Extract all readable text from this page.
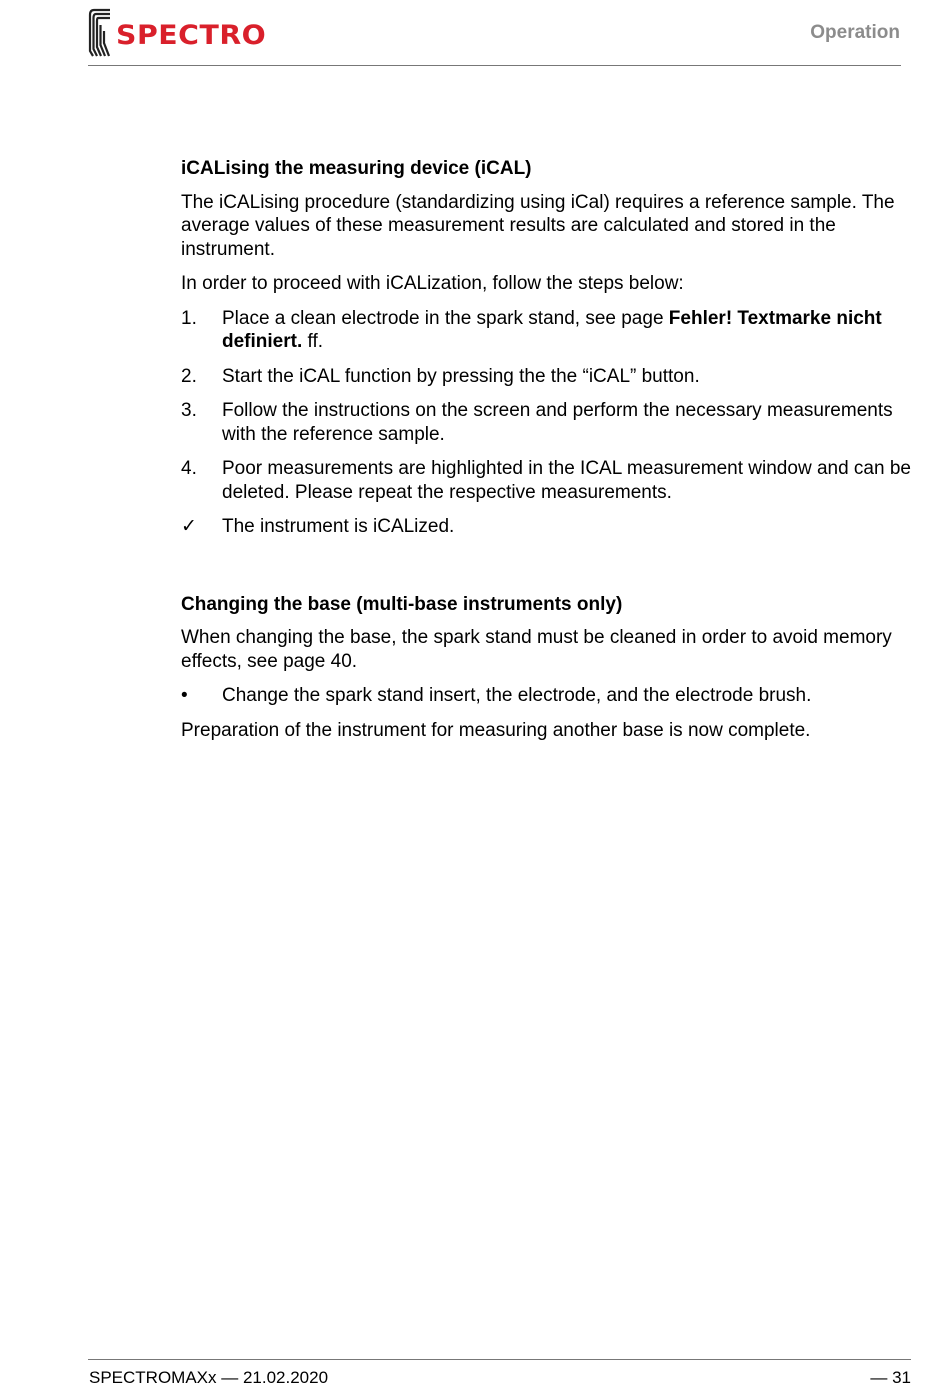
SPECTRO	Operation
iCALising the measuring device (iCAL)

The iCALising procedure (standardizing using iCal) requires a reference sample. The average values of these measurement results are calculated and stored in the instrument.

In order to proceed with iCALization, follow the steps below:

1.	Place a clean electrode in the spark stand, see page Fehler! Textmarke nicht definiert. ff.
2.	Start the iCAL function by pressing the the “iCAL” button.
3.	Follow the instructions on the screen and perform the necessary measurements with the reference sample.
4.	Poor measurements are highlighted in the ICAL measurement window and can be deleted. Please repeat the respective measurements.
✓	The instrument is iCALized.
Changing the base (multi-base instruments only)

When changing the base, the spark stand must be cleaned in order to avoid memory effects, see page 40.

•	Change the spark stand insert, the electrode, and the electrode brush.

Preparation of the instrument for measuring another base is now complete.

SPECTROMAXx — 21.02.2020	— 31
